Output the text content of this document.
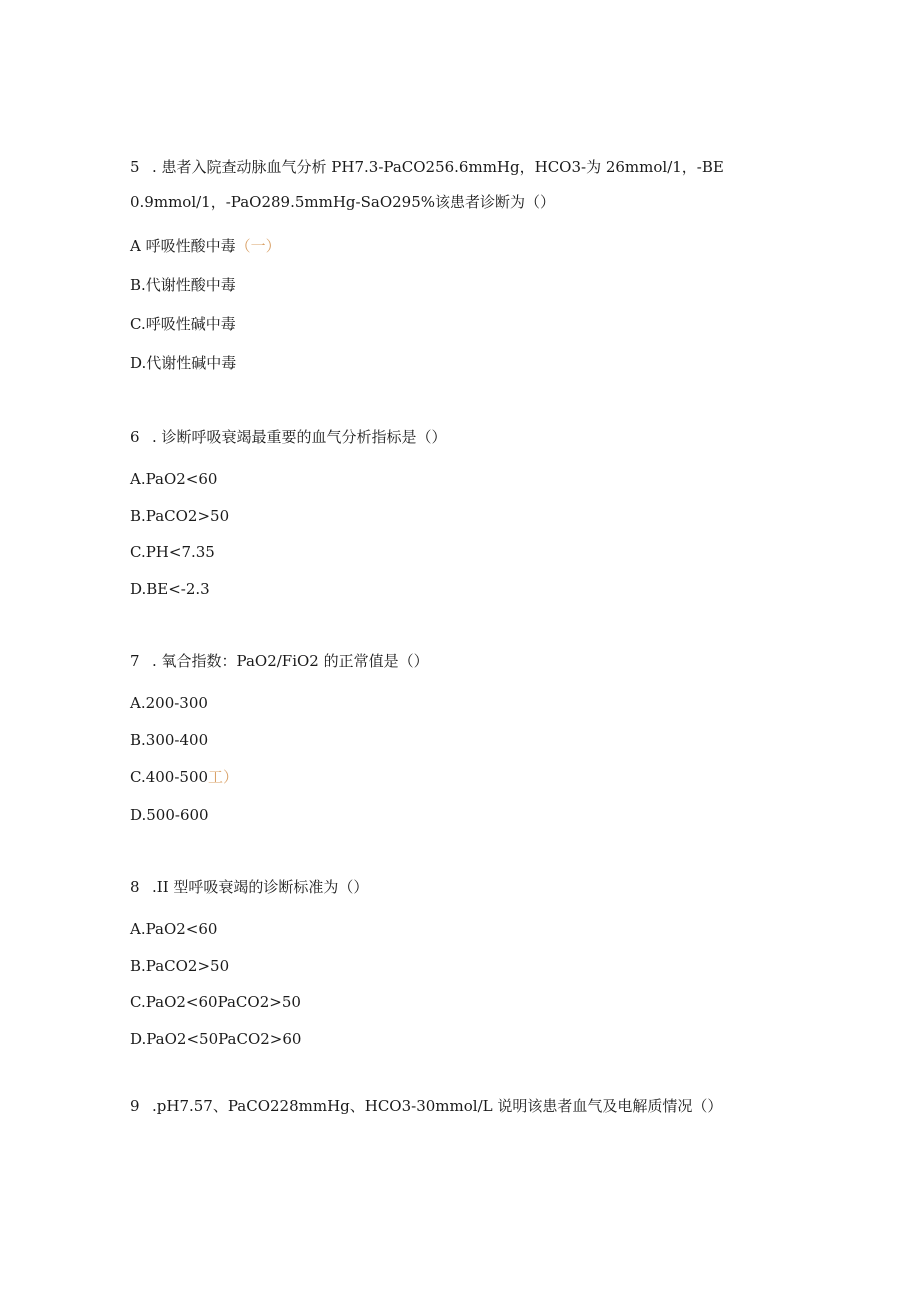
5 . 患者入院查动脉血气分析 PH7.3-PaCO256.6mmHg，HCO3-为 26mmol/1，-BE
0.9mmol/1，-PaO289.5mmHg-SaO295%该患者诊断为（）
A 呼吸性酸中毒（一）
B.代谢性酸中毒
C.呼吸性碱中毒
D.代谢性碱中毒
6 . 诊断呼吸衰竭最重要的血气分析指标是（）
A.PaO2<60
B.PaCO2>50
C.PH<7.35
D.BE<-2.3
7 . 氧合指数：PaO2/FiO2 的正常值是（）
A.200-300
B.300-400
C.400-500工）
D.500-600
8 .II 型呼吸衰竭的诊断标准为（）
A.PaO2<60
B.PaCO2>50
C.PaO2<60PaCO2>50
D.PaO2<50PaCO2>60
9 .pH7.57、PaCO228mmHg、HCO3-30mmol/L 说明该患者血气及电解质情况（）
